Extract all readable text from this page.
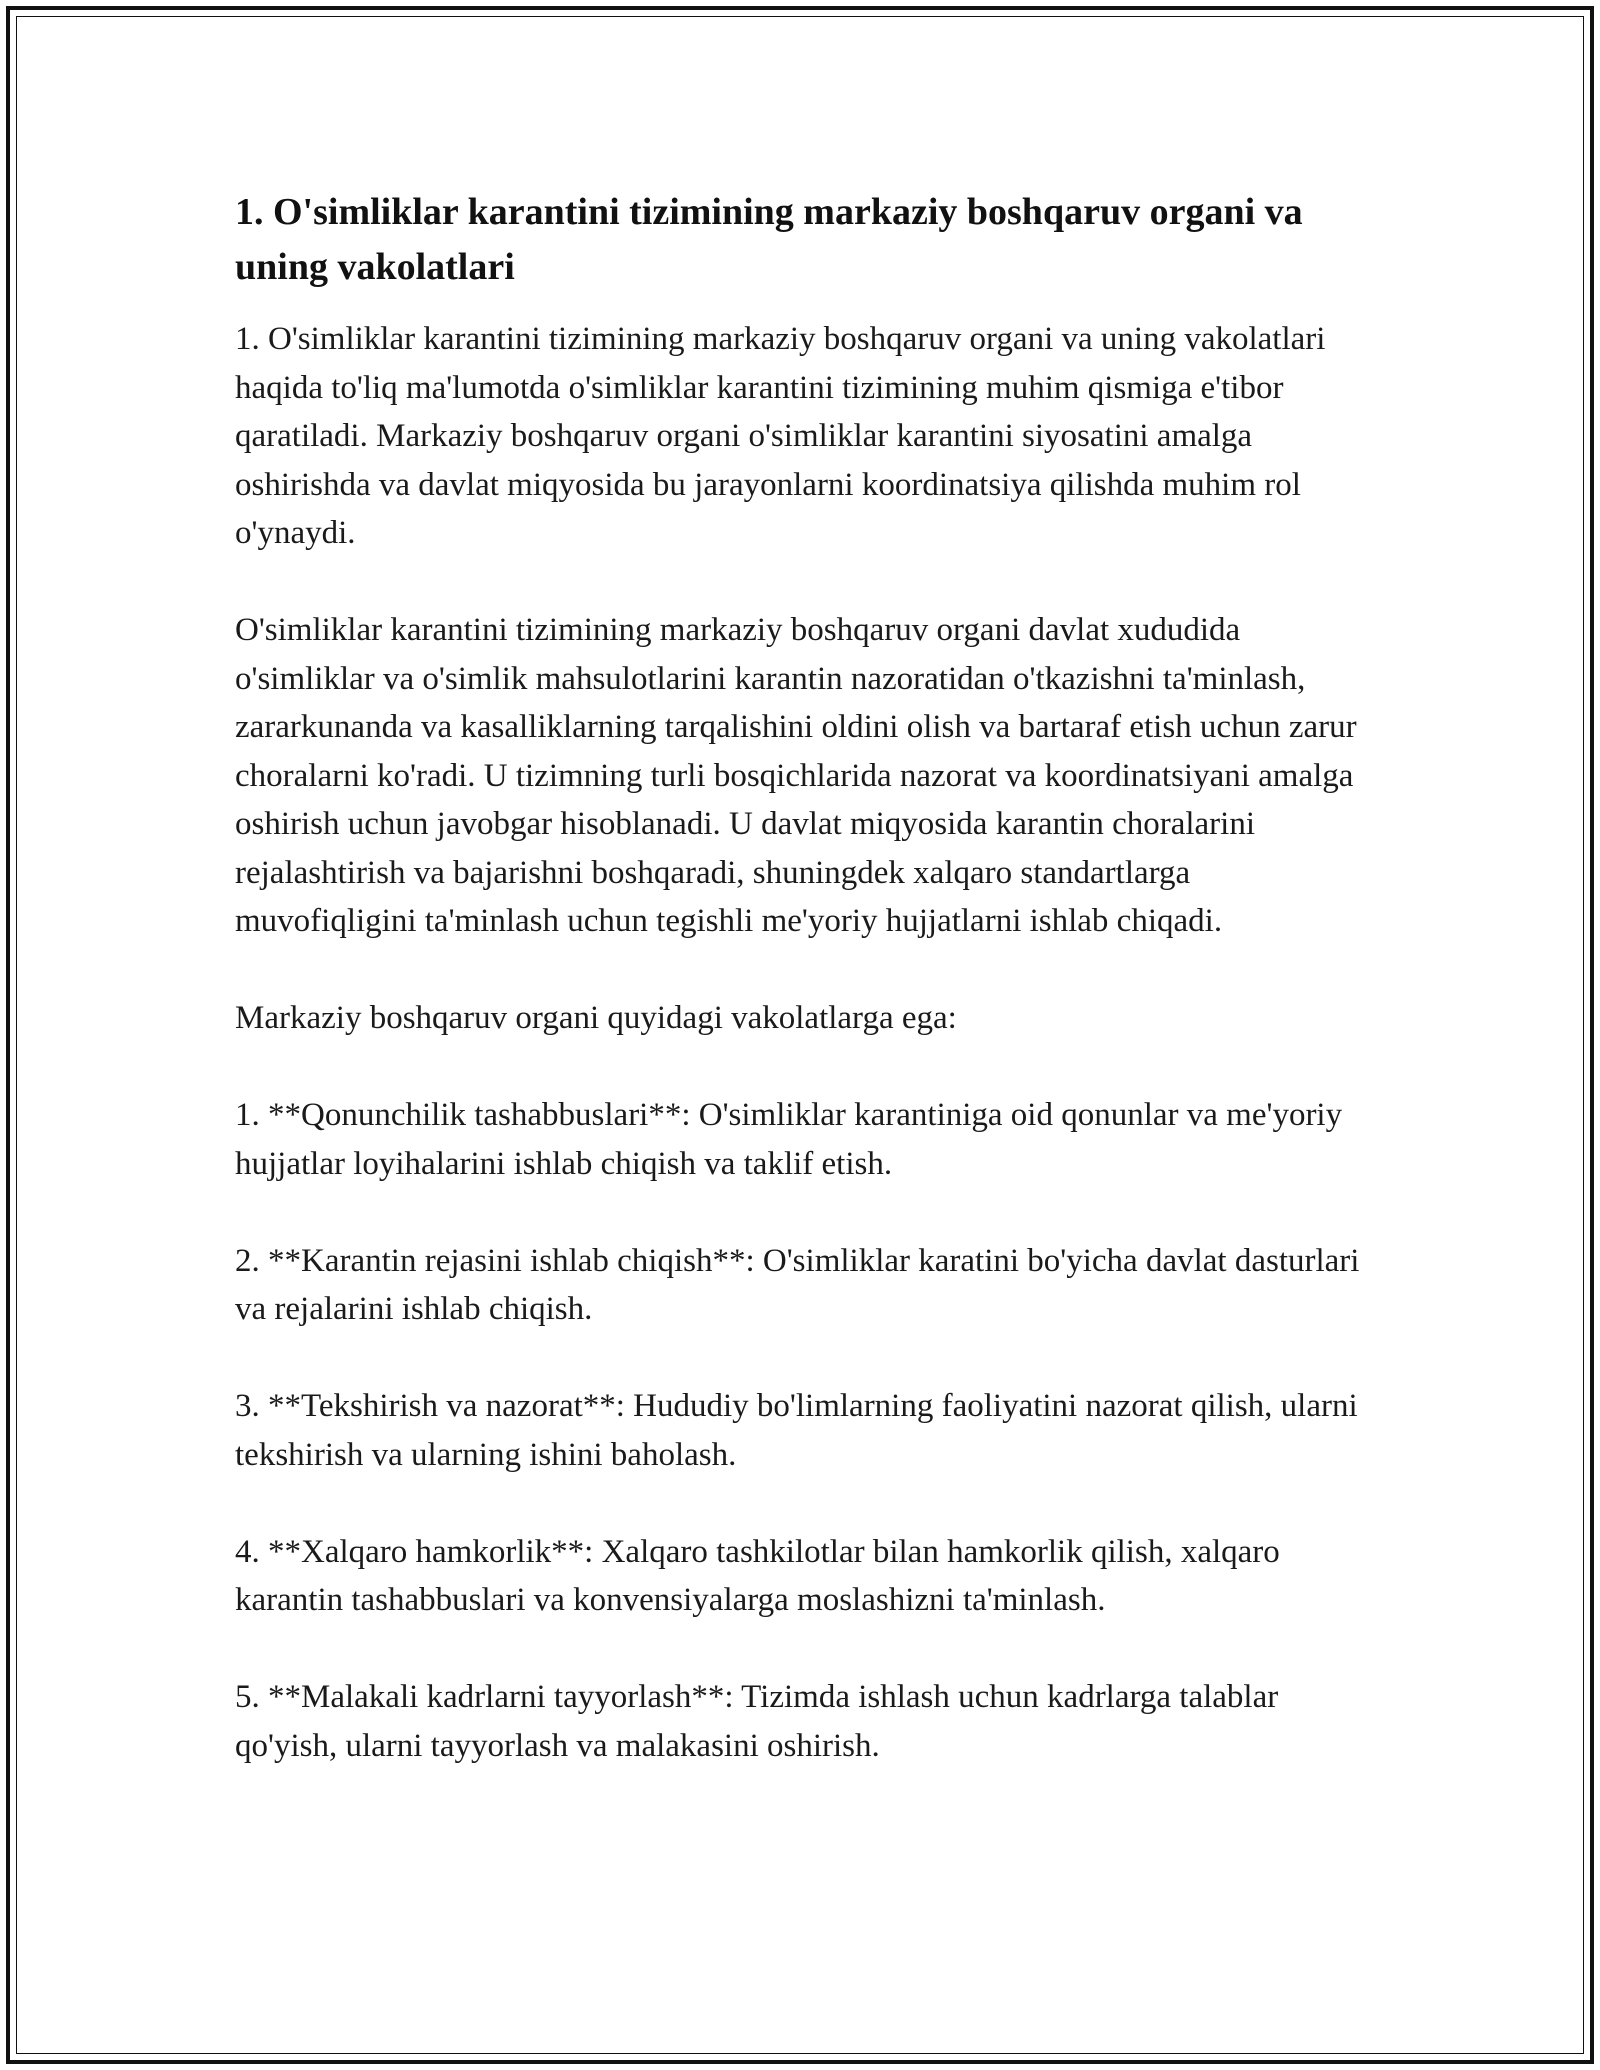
1. O'simliklar karantini tizimining markaziy boshqaruv organi va uning vakolatlari

1. O'simliklar karantini tizimining markaziy boshqaruv organi va uning vakolatlari haqida to'liq ma'lumotda o'simliklar karantini tizimining muhim qismiga e'tibor qaratiladi. Markaziy boshqaruv organi o'simliklar karantini siyosatini amalga oshirishda va davlat miqyosida bu jarayonlarni koordinatsiya qilishda muhim rol o'ynaydi.

O'simliklar karantini tizimining markaziy boshqaruv organi davlat xududida o'simliklar va o'simlik mahsulotlarini karantin nazoratidan o'tkazishni ta'minlash, zararkunanda va kasalliklarning tarqalishini oldini olish va bartaraf etish uchun zarur choralarni ko'radi. U tizimning turli bosqichlarida nazorat va koordinatsiyani amalga oshirish uchun javobgar hisoblanadi. U davlat miqyosida karantin choralarini rejalashtirish va bajarishni boshqaradi, shuningdek xalqaro standartlarga muvofiqligini ta'minlash uchun tegishli me'yoriy hujjatlarni ishlab chiqadi.

Markaziy boshqaruv organi quyidagi vakolatlarga ega:

1. **Qonunchilik tashabbuslari**: O'simliklar karantiniga oid qonunlar va me'yoriy hujjatlar loyihalarini ishlab chiqish va taklif etish.

2. **Karantin rejasini ishlab chiqish**: O'simliklar karatini bo'yicha davlat dasturlari va rejalarini ishlab chiqish.

3. **Tekshirish va nazorat**: Hududiy bo'limlarning faoliyatini nazorat qilish, ularni tekshirish va ularning ishini baholash.

4. **Xalqaro hamkorlik**: Xalqaro tashkilotlar bilan hamkorlik qilish, xalqaro karantin tashabbuslari va konvensiyalarga moslashizni ta'minlash.

5. **Malakali kadrlarni tayyorlash**: Tizimda ishlash uchun kadrlarga talablar qo'yish, ularni tayyorlash va malakasini oshirish.
